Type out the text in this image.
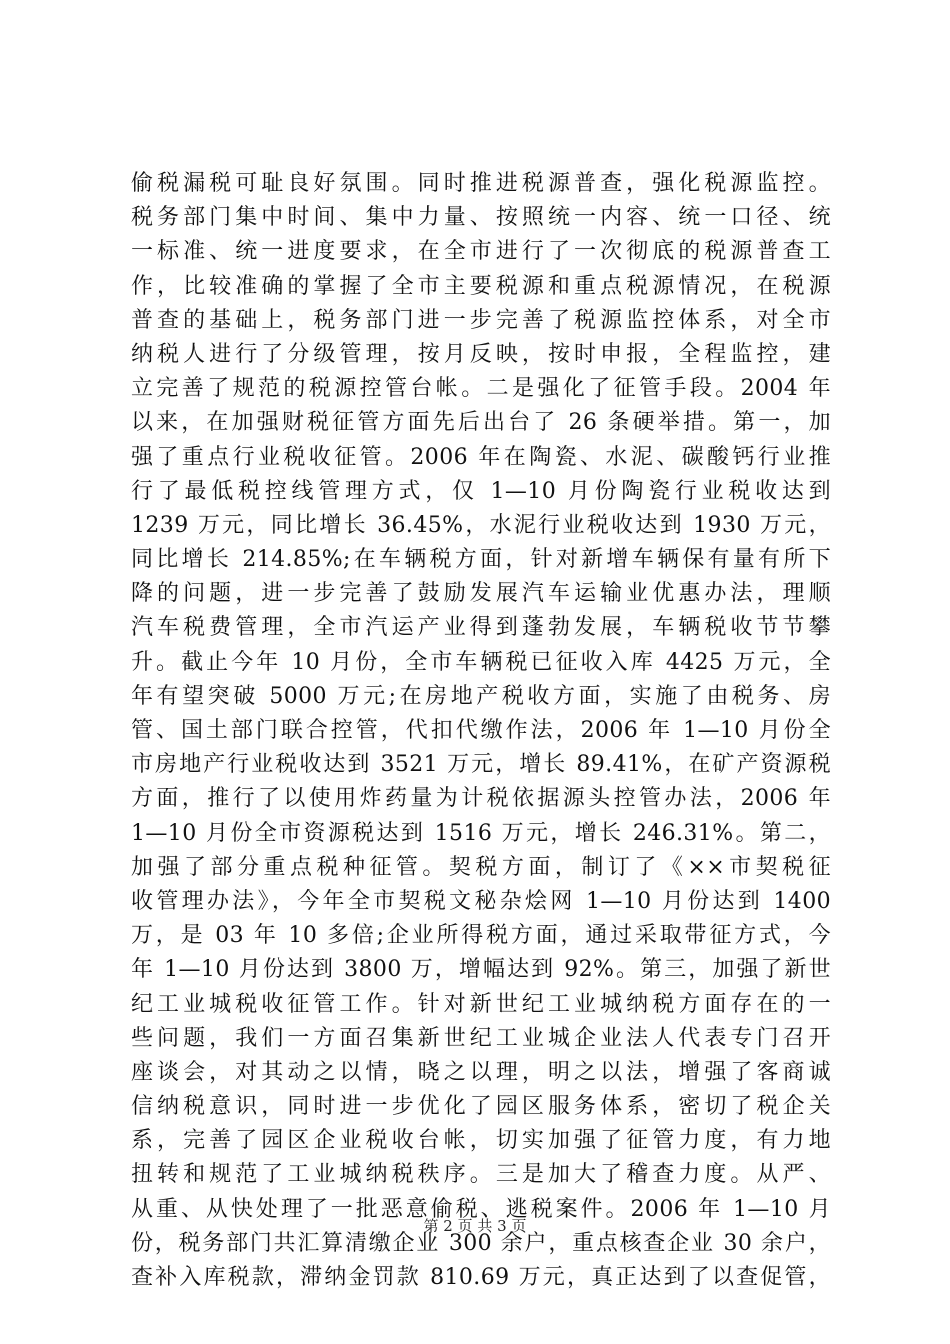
偷税漏税可耻良好氛围。同时推进税源普查，强化税源监控。
税务部门集中时间、集中力量、按照统一内容、统一口径、统
一标准、统一进度要求，在全市进行了一次彻底的税源普查工
作，比较准确的掌握了全市主要税源和重点税源情况，在税源
普查的基础上，税务部门进一步完善了税源监控体系，对全市
纳税人进行了分级管理，按月反映，按时申报，全程监控，建
立完善了规范的税源控管台帐。二是强化了征管手段。2004 年
以来，在加强财税征管方面先后出台了 26 条硬举措。第一，加
强了重点行业税收征管。2006 年在陶瓷、水泥、碳酸钙行业推
行了最低税控线管理方式，仅 1—10 月份陶瓷行业税收达到
1239 万元，同比增长 36.45%，水泥行业税收达到 1930 万元，
同比增长 214.85%;在车辆税方面，针对新增车辆保有量有所下
降的问题，进一步完善了鼓励发展汽车运输业优惠办法，理顺
汽车税费管理，全市汽运产业得到蓬勃发展，车辆税收节节攀
升。截止今年 10 月份，全市车辆税已征收入库 4425 万元，全
年有望突破 5000 万元;在房地产税收方面，实施了由税务、房
管、国土部门联合控管，代扣代缴作法，2006 年 1—10 月份全
市房地产行业税收达到 3521 万元，增长 89.41%，在矿产资源税
方面，推行了以使用炸药量为计税依据源头控管办法，2006 年
1—10 月份全市资源税达到 1516 万元，增长 246.31%。第二，
加强了部分重点税种征管。契税方面，制订了《××市契税征
收管理办法》，今年全市契税文秘杂烩网 1—10 月份达到 1400
万，是 03 年 10 多倍;企业所得税方面，通过采取带征方式，今
年 1—10 月份达到 3800 万，增幅达到 92%。第三，加强了新世
纪工业城税收征管工作。针对新世纪工业城纳税方面存在的一
些问题，我们一方面召集新世纪工业城企业法人代表专门召开
座谈会，对其动之以情，晓之以理，明之以法，增强了客商诚
信纳税意识，同时进一步优化了园区服务体系，密切了税企关
系，完善了园区企业税收台帐，切实加强了征管力度，有力地
扭转和规范了工业城纳税秩序。三是加大了稽查力度。从严、
从重、从快处理了一批恶意偷税、逃税案件。2006 年 1—10 月
份，税务部门共汇算清缴企业 300 余户，重点核查企业 30 余户，
查补入库税款，滞纳金罚款 810.69 万元，真正达到了以查促管，
第 2 页 共 3 页
